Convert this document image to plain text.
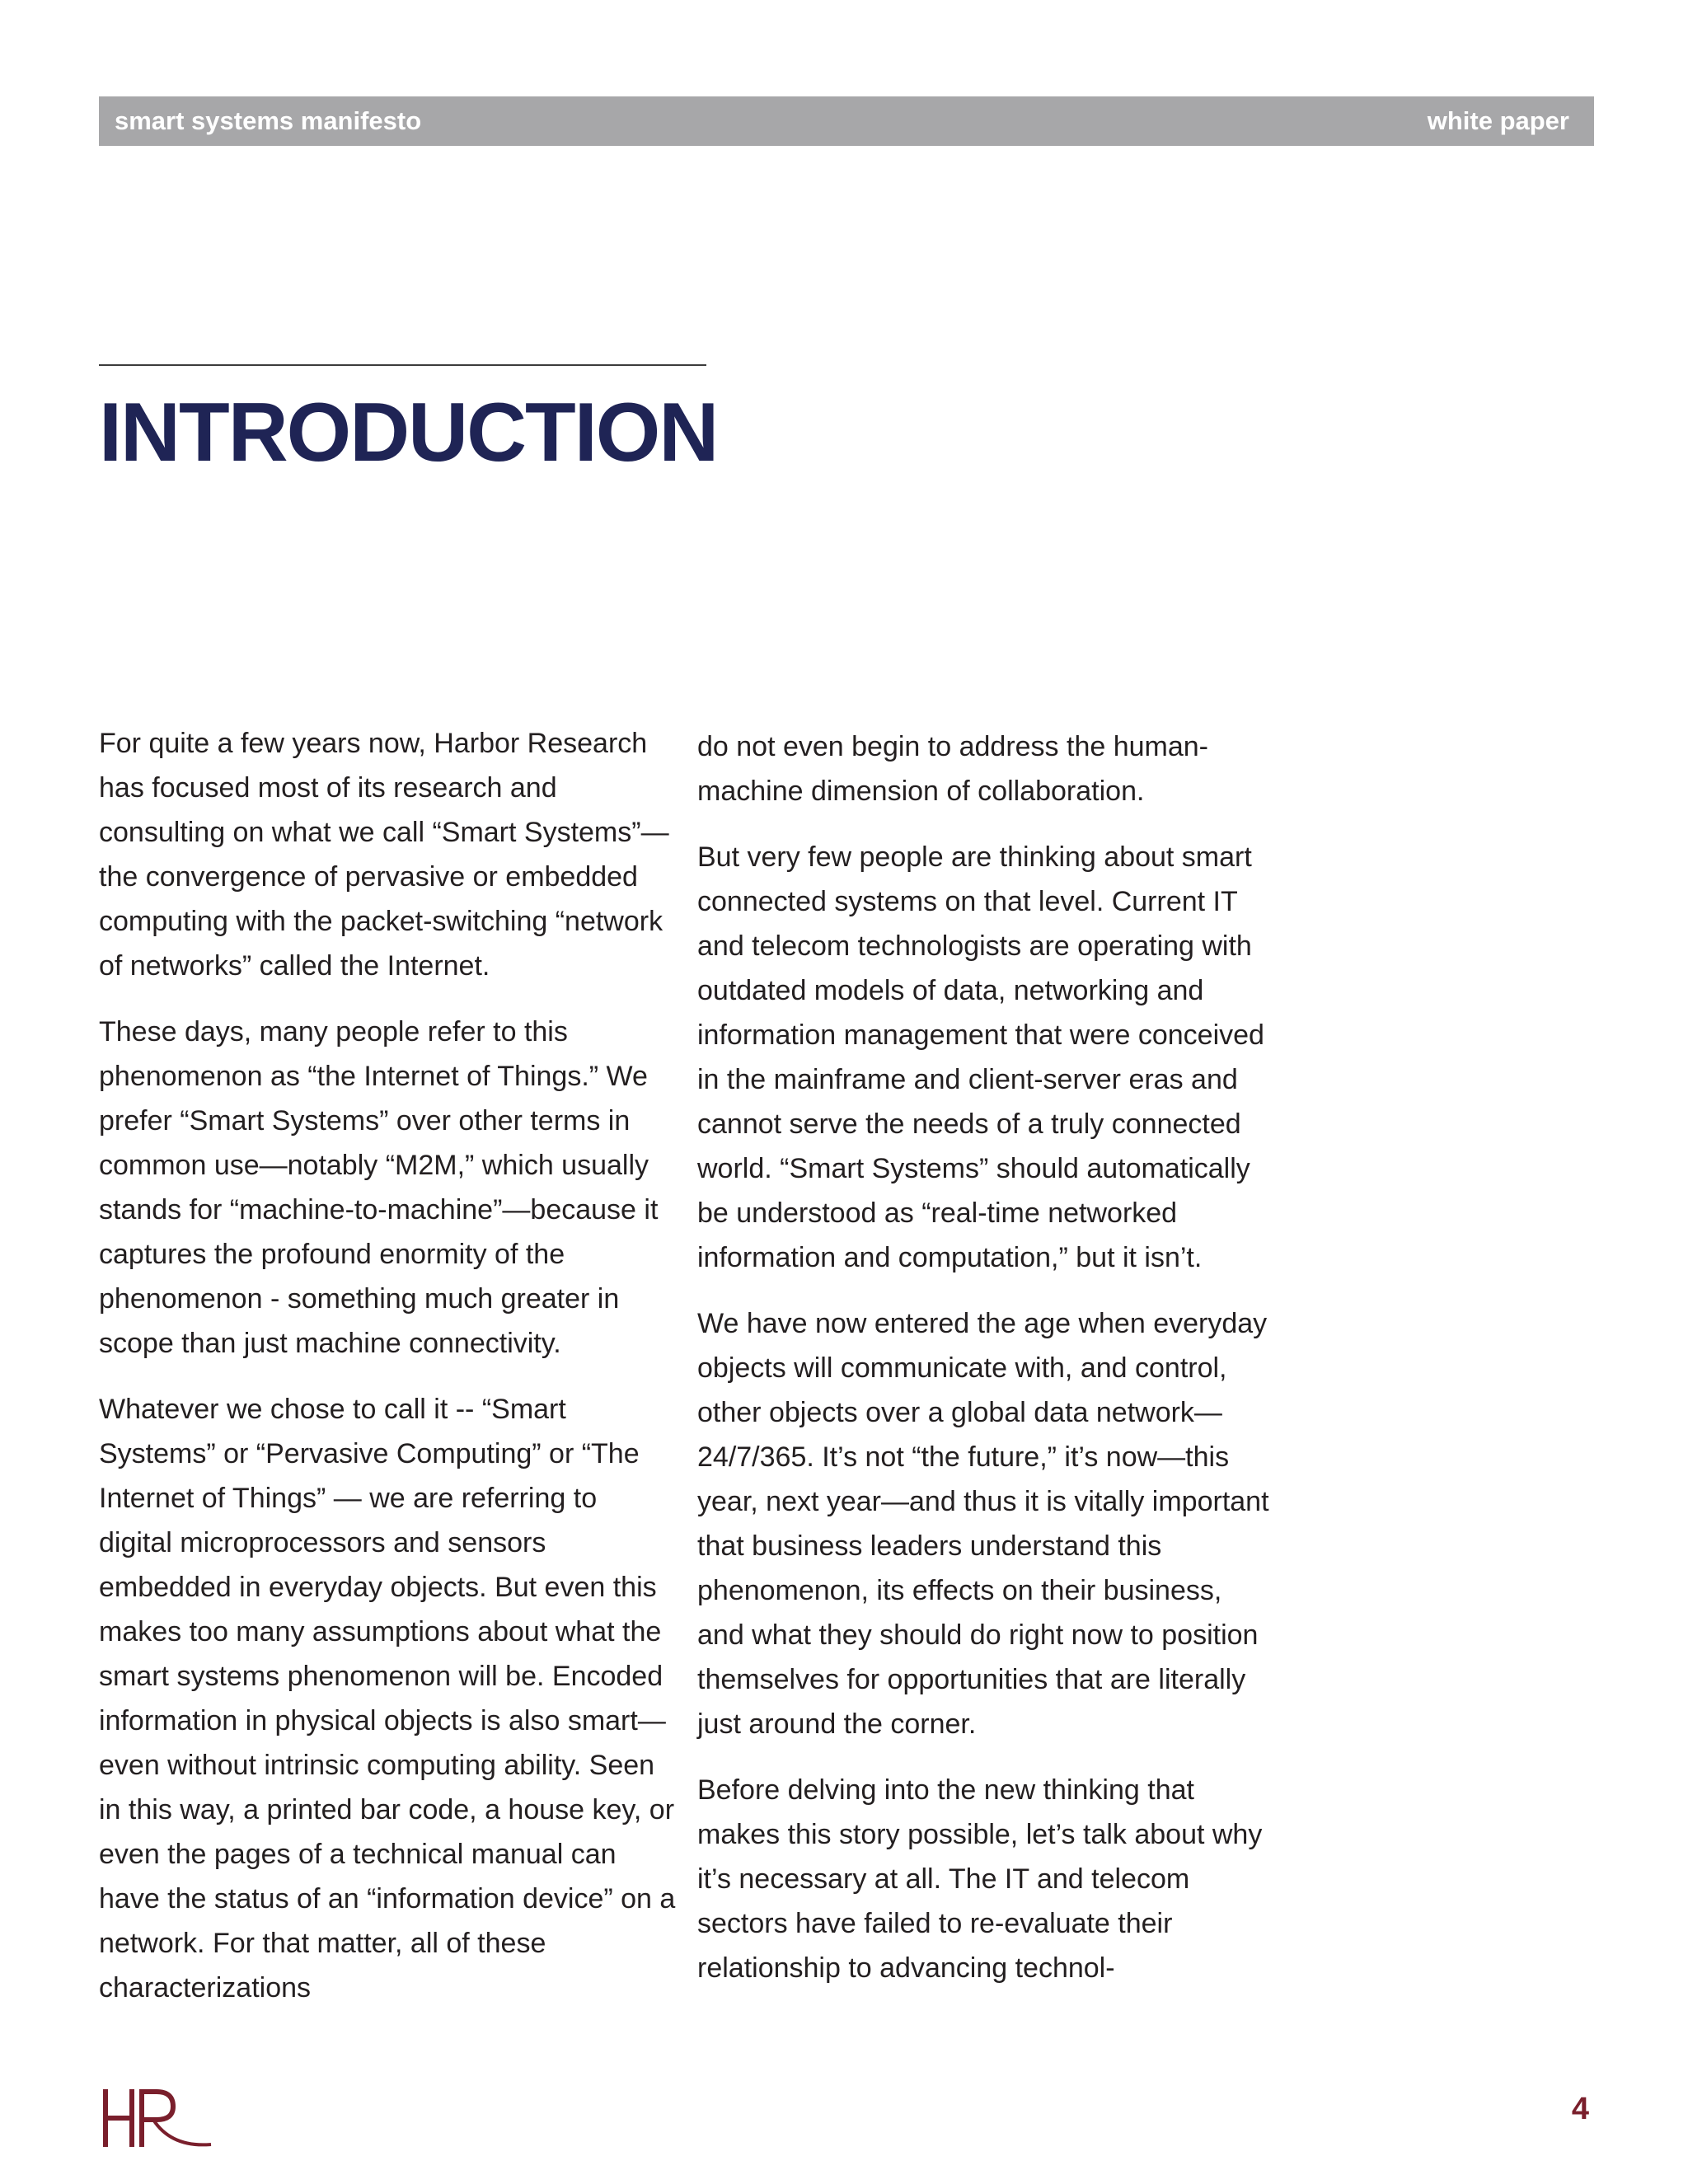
smart systems manifesto	white paper
INTRODUCTION

For quite a few years now, Harbor Research has focused most of its research and consulting on what we call “Smart Systems”—the convergence of pervasive or embedded computing with the packet-switching “network of networks” called the Internet.

These days, many people refer to this phenomenon as “the Internet of Things.” We prefer “Smart Systems” over other terms in common use—notably “M2M,” which usually stands for “machine-to-machine”—because it captures the profound enormity of the phenomenon - something much greater in scope than just machine connectivity.

Whatever we chose to call it -- “Smart Systems” or “Pervasive Computing” or “The Internet of Things” — we are referring to digital microprocessors and sensors embedded in everyday objects. But even this makes too many assumptions about what the smart systems phenomenon will be. Encoded information in physical objects is also smart—even without intrinsic computing ability. Seen in this way, a printed bar code, a house key, or even the pages of a technical manual can have the status of an “information device” on a network. For that matter, all of these characterizations

do not even begin to address the human-machine dimension of collaboration.

But very few people are thinking about smart connected systems on that level. Current IT and telecom technologists are operating with outdated models of data, networking and information management that were conceived in the mainframe and client-server eras and cannot serve the needs of a truly connected world. “Smart Systems” should automatically be understood as “real-time networked information and computation,” but it isn’t.

We have now entered the age when everyday objects will communicate with, and control, other objects over a global data network—24/7/365. It’s not “the future,” it’s now—this year, next year—and thus it is vitally important that business leaders understand this phenomenon, its effects on their business, and what they should do right now to position themselves for opportunities that are literally just around the corner.

Before delving into the new thinking that makes this story possible, let’s talk about why it’s necessary at all. The IT and telecom sectors have failed to re-evaluate their relationship to advancing technol-

4
